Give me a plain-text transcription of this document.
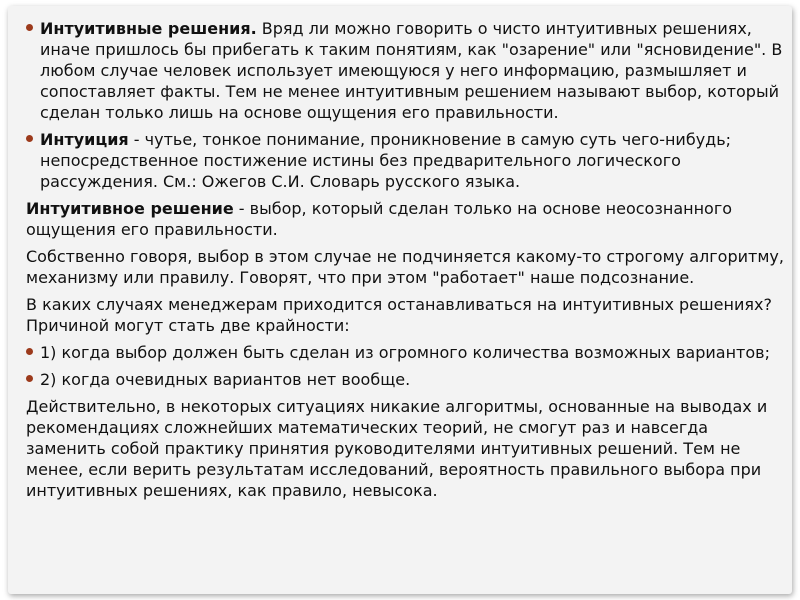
Интуитивные решения. Вряд ли можно говорить о чисто интуитивных решениях, иначе пришлось бы прибегать к таким понятиям, как "озарение" или "ясновидение". В любом случае человек использует имеющуюся у него информацию, размышляет и сопоставляет факты. Тем не менее интуитивным решением называют выбор, который сделан только лишь на основе ощущения его правильности.
Интуиция - чутье, тонкое понимание, проникновение в самую суть чего-нибудь; непосредственное постижение истины без предварительного логического рассуждения. См.: Ожегов С.И. Словарь русского языка.
Интуитивное решение - выбор, который сделан только на основе неосознанного ощущения его правильности.
Собственно говоря, выбор в этом случае не подчиняется какому-то строгому алгоритму, механизму или правилу. Говорят, что при этом "работает" наше подсознание.
В каких случаях менеджерам приходится останавливаться на интуитивных решениях? Причиной могут стать две крайности:
1) когда выбор должен быть сделан из огромного количества возможных вариантов;
2) когда очевидных вариантов нет вообще.
Действительно, в некоторых ситуациях никакие алгоритмы, основанные на выводах и рекомендациях сложнейших математических теорий, не смогут раз и навсегда заменить собой практику принятия руководителями интуитивных решений. Тем не менее, если верить результатам исследований, вероятность правильного выбора при интуитивных решениях, как правило, невысока.
